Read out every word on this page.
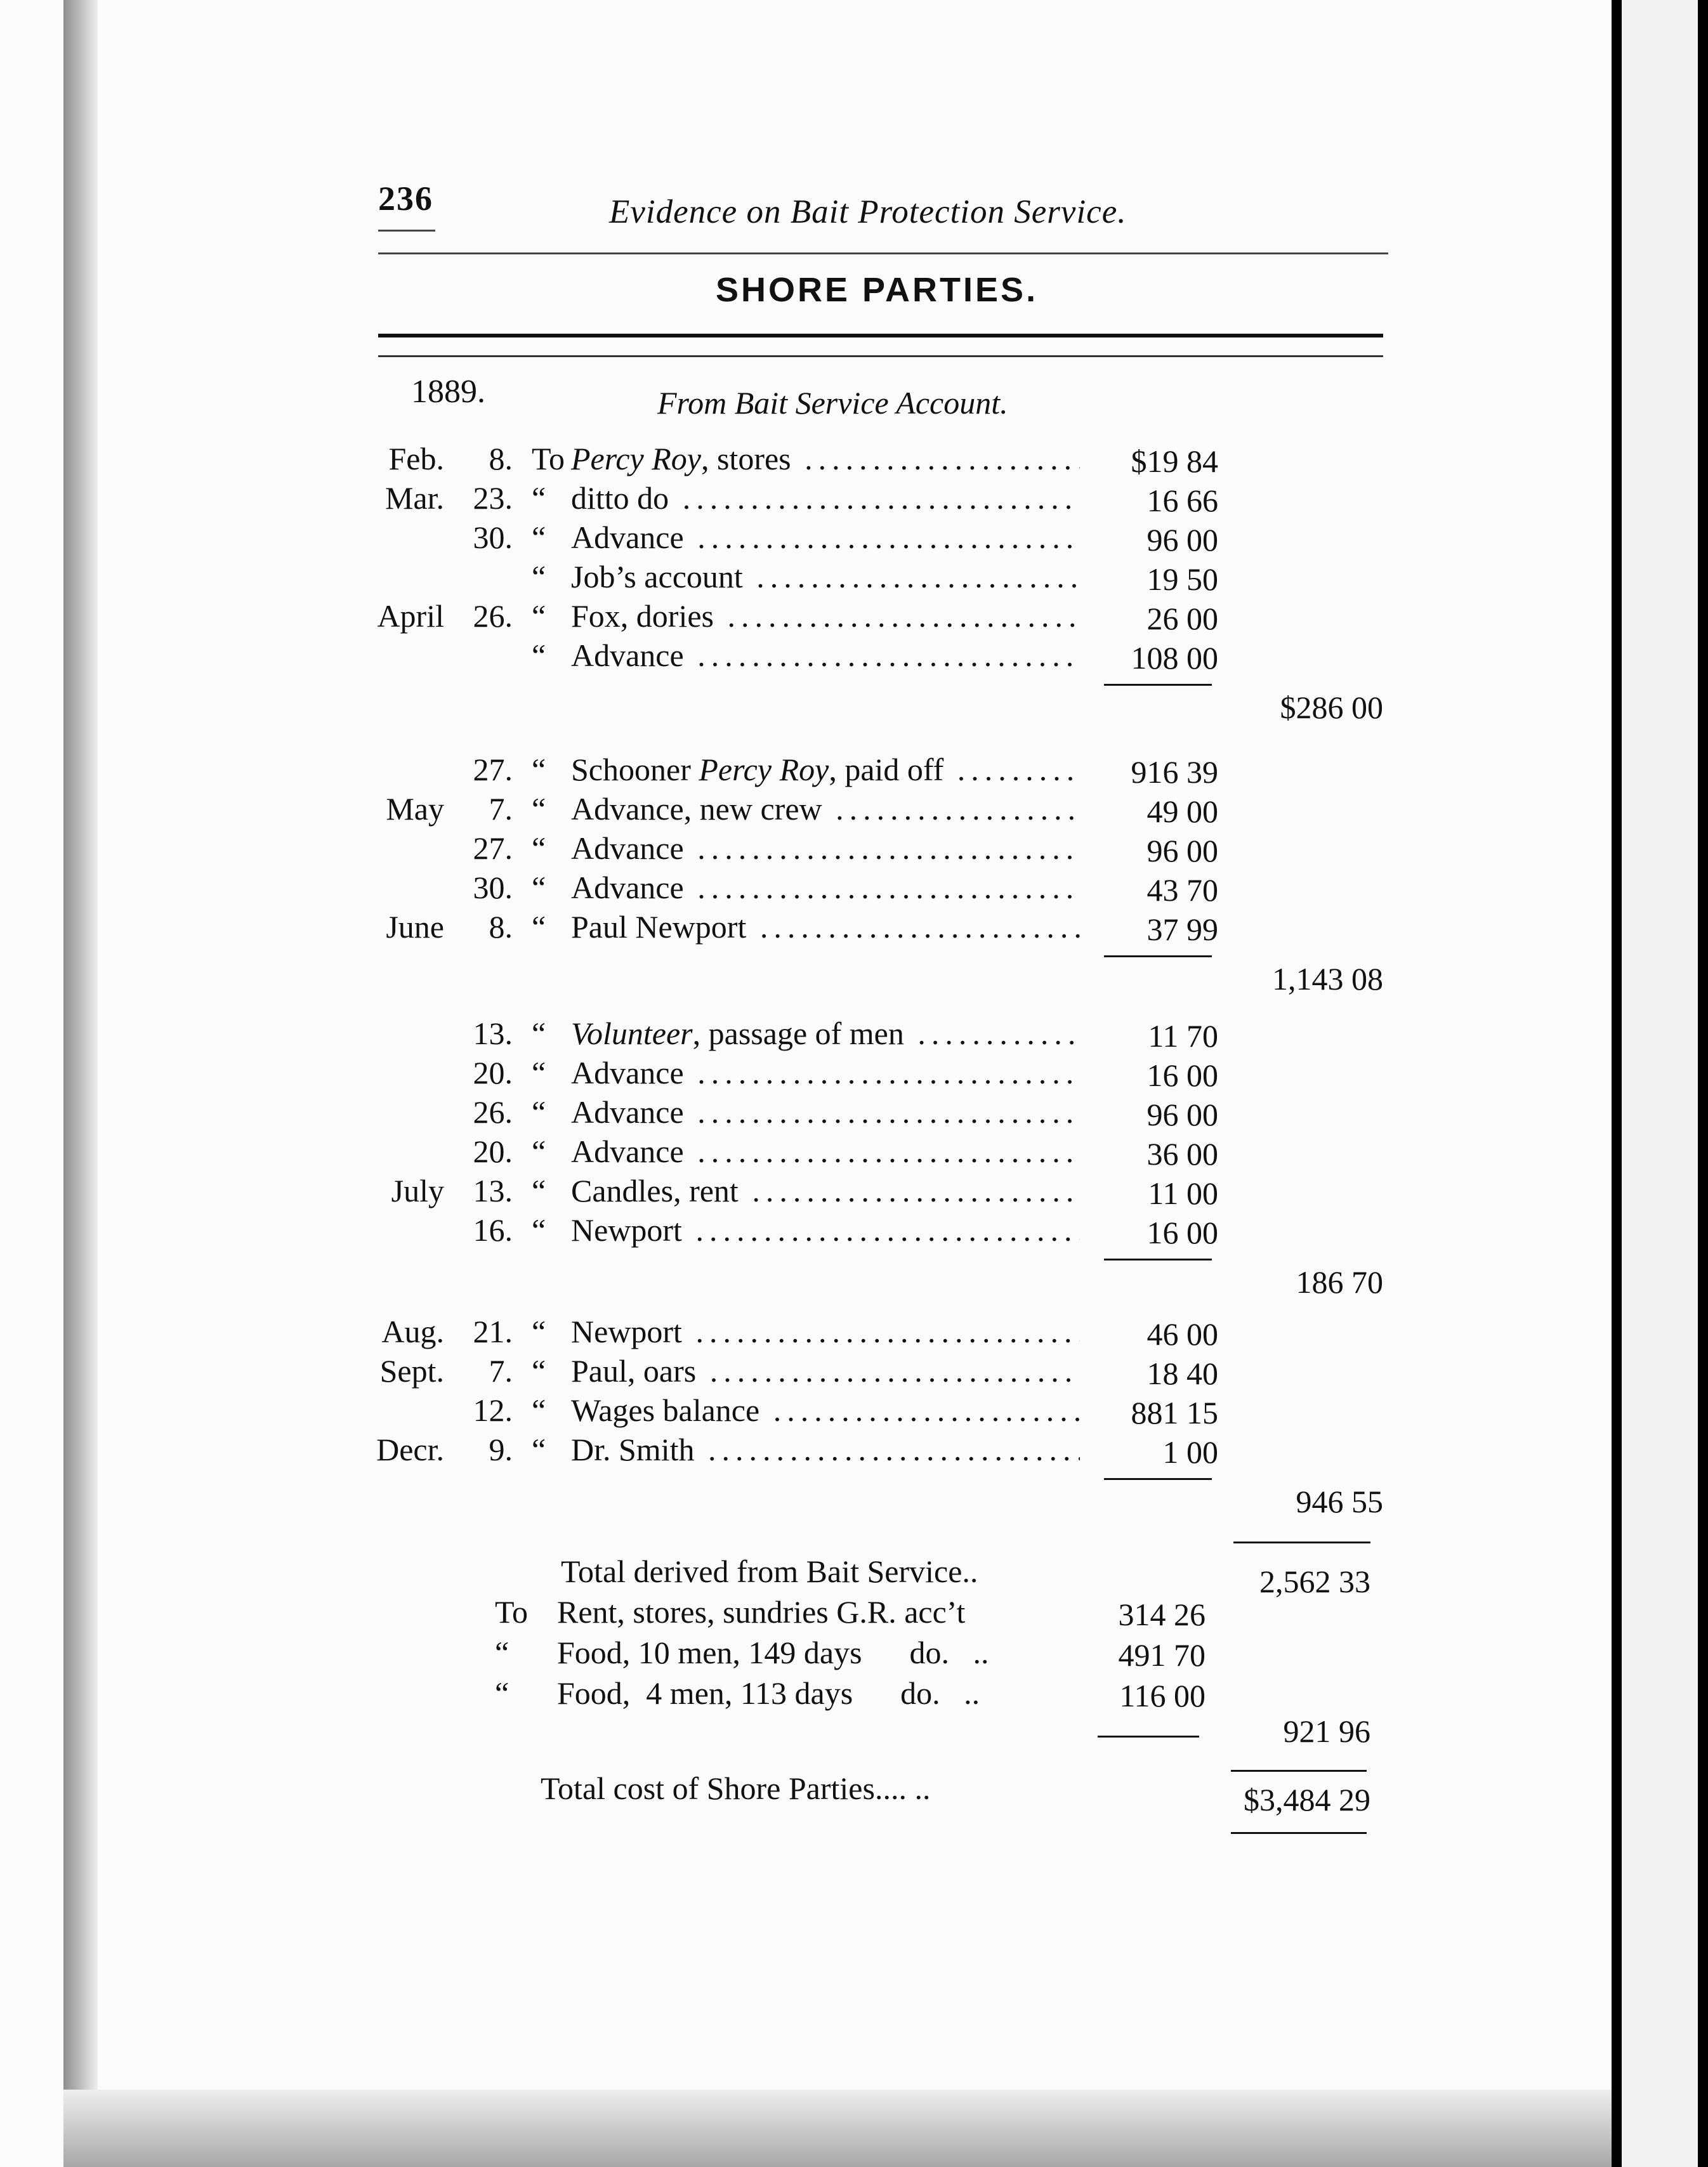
236	Evidence on Bait Protection Service.
SHORE PARTIES.
1889.	From Bait Service Account.
Feb.	8. To Percy Roy, stores .....	$19 84
Mar. 23. “ ditto do .....	16 66
30. “ Advance .....	96 00
“ Job’s account .....	19 50
April 26. “ Fox, dories .....	26 00
“ Advance .....	108 00
$286 00
27. “ Schooner Percy Roy, paid off .....	916 39
May	7. “ Advance, new crew .....	49 00
27. “ Advance .....	96 00
30. “ Advance .....	43 70
June	8. “ Paul Newport .....	37 99
1,143 08
13. “ Volunteer, passage of men .....	11 70
20. “ Advance .....	16 00
26. “ Advance .....	96 00
20. “ Advance .....	36 00
July 13. “ Candles, rent .....	11 00
16. “ Newport .....	16 00
186 70
Aug. 21. “ Newport .....	46 00
Sept.	7. “ Paul, oars .....	18 40
12. “ Wages balance .....	881 15
Decr.	9. “ Dr. Smith .....	1 00
946 55
Total derived from Bait Service..	2,562 33
To Rent, stores, sundries G.R. acc’t	314 26
“	Food, 10 men, 149 days      do.   ..	491 70
“	Food,  4 men, 113 days      do.   ..	116 00
921 96
Total cost of Shore Parties.... ..	$3,484 29
